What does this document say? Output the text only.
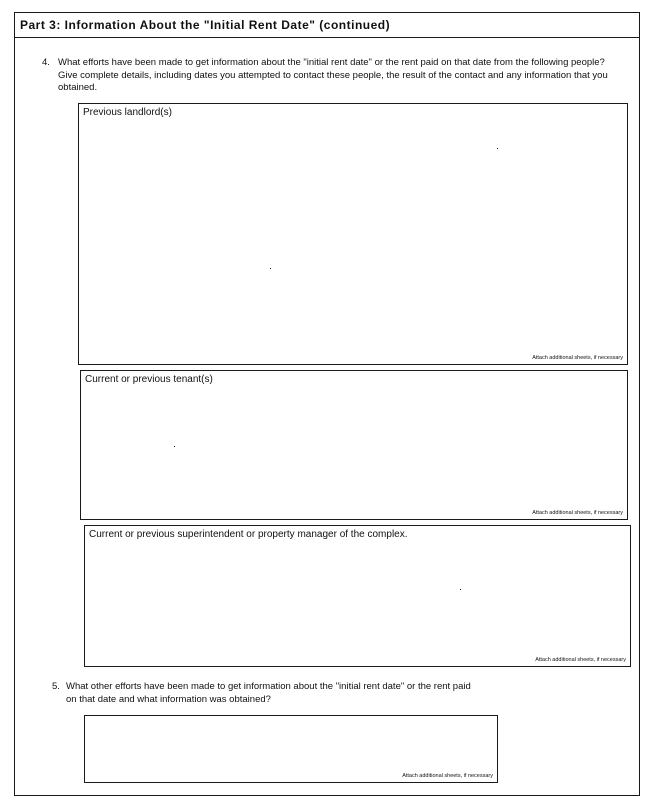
Part 3: Information About the "Initial Rent Date" (continued)
4. What efforts have been made to get information about the "initial rent date" or the rent paid on that date from the following people? Give complete details, including dates you attempted to contact these people, the result of the contact and any information that you obtained.
Previous landlord(s)
Attach additional sheets, if necessary
Current or previous tenant(s)
Attach additional sheets, if necessary
Current or previous superintendent or property manager of the complex.
Attach additional sheets, if necessary
5. What other efforts have been made to get information about the "initial rent date" or the rent paid on that date and what information was obtained?
Attach additional sheets, if necessary
